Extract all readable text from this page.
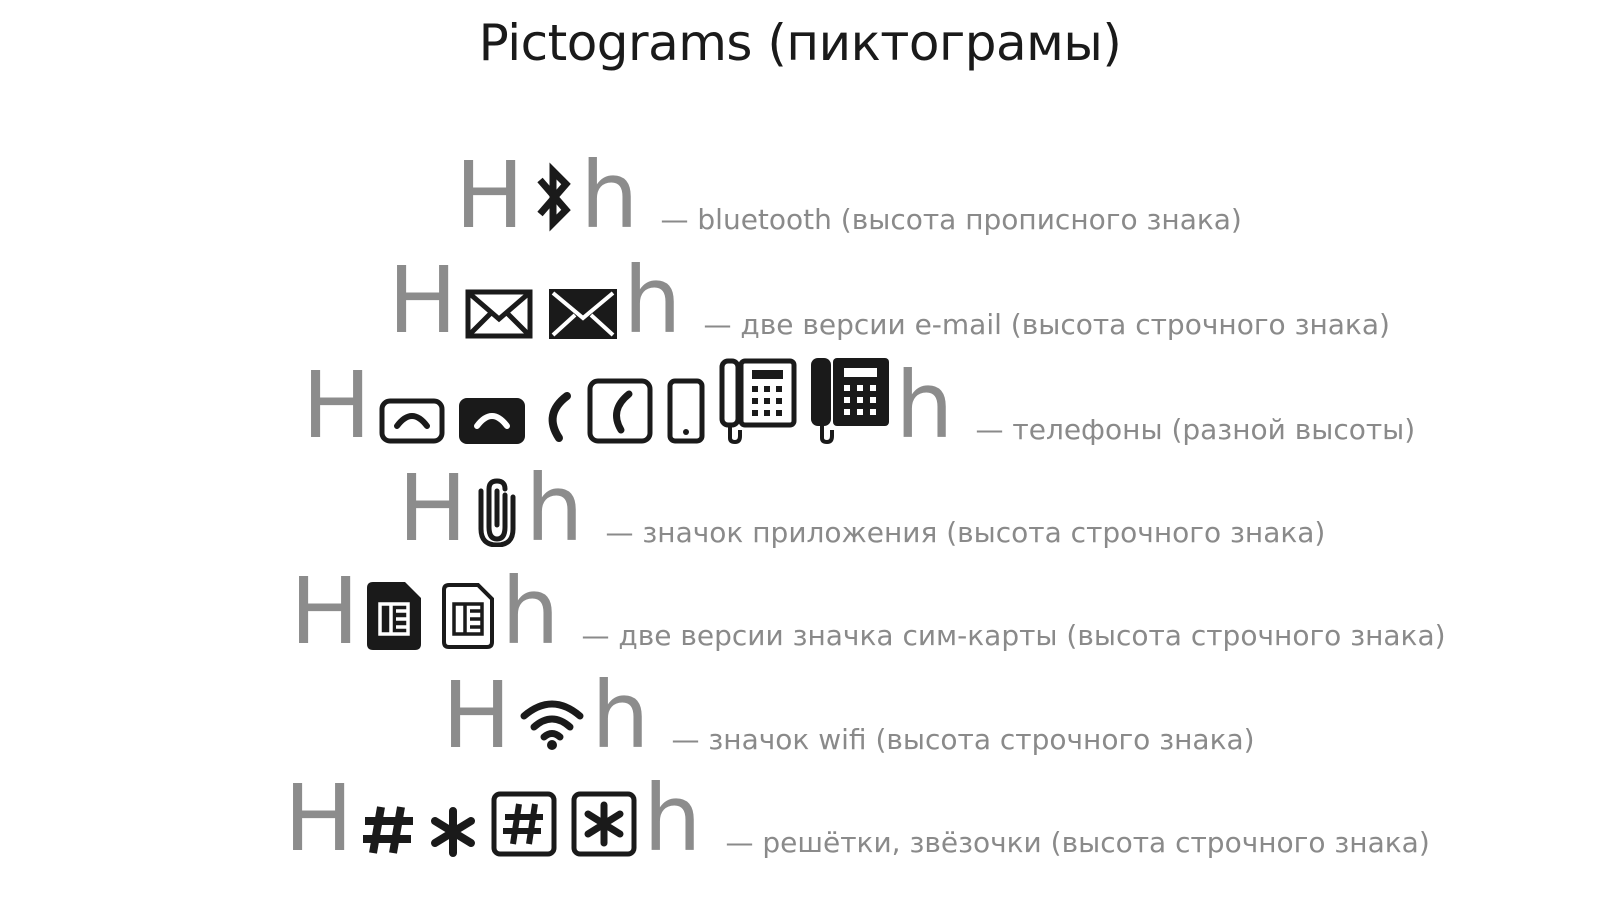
Pictograms (пиктограмы)
H h — bluetooth (высота прописного знака)
H h — две версии e-mail (высота строчного знака)
H	h — телефоны (разной высоты)
H h — значок приложения (высота строчного знака)
H h — две версии значка сим-карты (высота строчного знака)
H h — значок wifi (высота строчного знака)
H	h — решётки, звёзочки (высота строчного знака)
